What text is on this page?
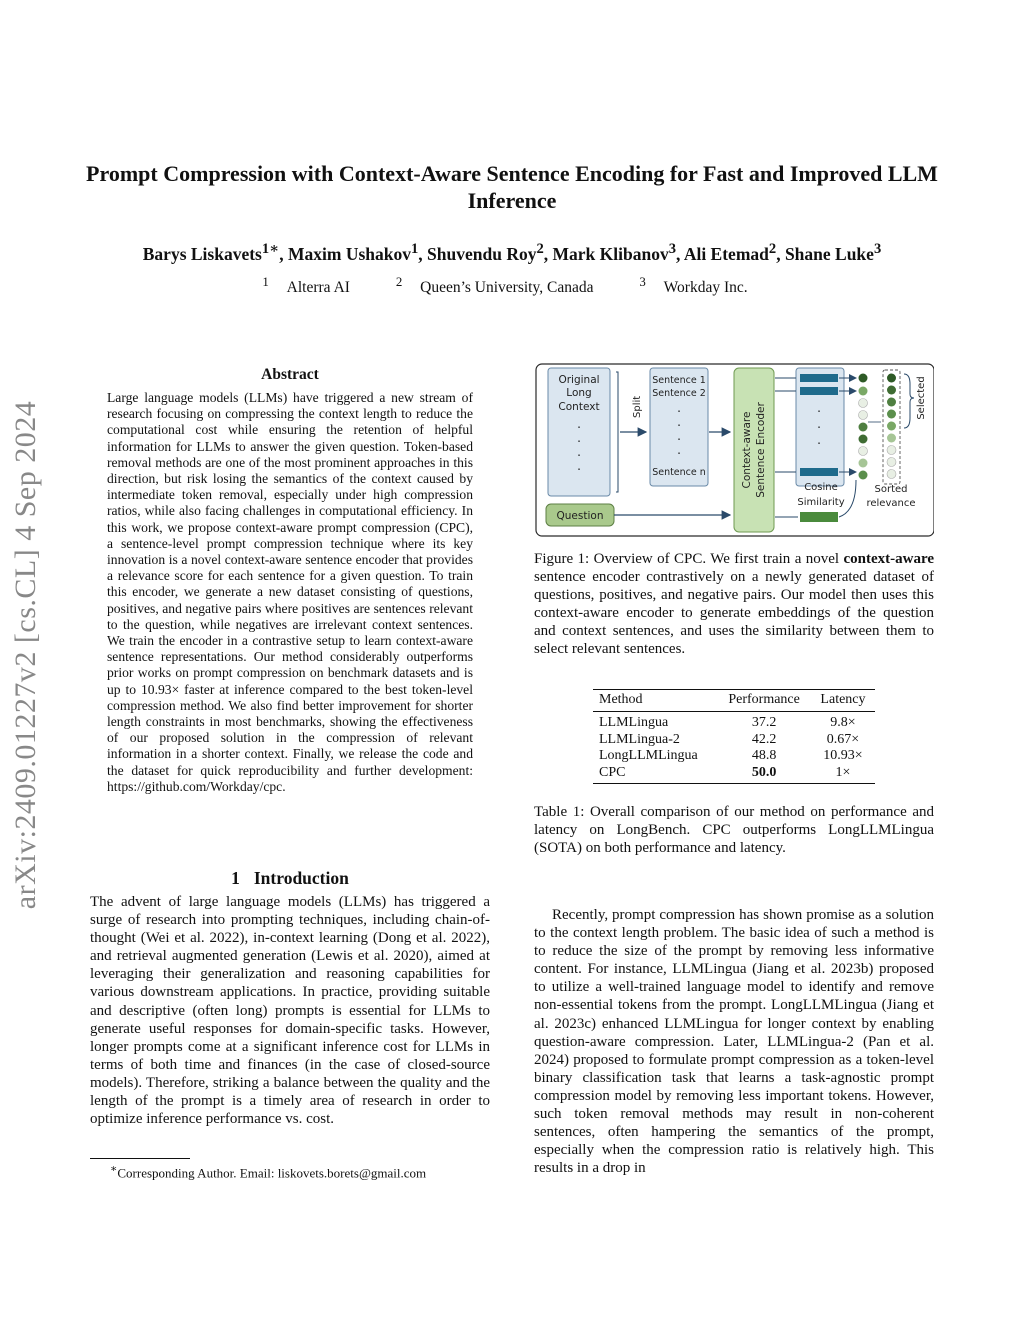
Prompt Compression with Context-Aware Sentence Encoding for Fast and Improved LLM Inference
Barys Liskavets$^{1∗}$, Maxim Ushakov$^1$, Shuvendu Roy$^2$, Mark Klibanov$^3$, Ali Etemad$^2$, Shane Luke$^3$
$^1$ Alterra AI	$^2$ Queen’s University, Canada	$^3$ Workday Inc.
arXiv:2409.01227v2 [cs.CL] 4 Sep 2024
Abstract
Large language models (LLMs) have triggered a new stream of research focusing on compressing the context length to reduce the computational cost while ensuring the retention of helpful information for LLMs to answer the given question. Token-based removal methods are one of the most prominent approaches in this direction, but risk losing the semantics of the context caused by intermediate token removal, especially under high compression ratios, while also facing challenges in computational efficiency. In this work, we propose context-aware prompt compression (CPC), a sentence-level prompt compression technique where its key innovation is a novel context-aware sentence encoder that provides a relevance score for each sentence for a given question. To train this encoder, we generate a new dataset consisting of questions, positives, and negative pairs where positives are sentences relevant to the question, while negatives are irrelevant context sentences. We train the encoder in a contrastive setup to learn context-aware sentence representations. Our method considerably outperforms prior works on prompt compression on benchmark datasets and is up to 10.93× faster at inference compared to the best token-level compression method. We also find better improvement for shorter length constraints in most benchmarks, showing the effectiveness of our proposed solution in the compression of relevant information in a shorter context. Finally, we release the code and the dataset for quick reproducibility and further development: https://github.com/Workday/cpc.
1 Introduction
The advent of large language models (LLMs) has triggered a surge of research into prompting techniques, including chain-of-thought (Wei et al. 2022), in-context learning (Dong et al. 2022), and retrieval augmented generation (Lewis et al. 2020), aimed at leveraging their generalization and reasoning capabilities for various downstream applications. In practice, providing suitable and descriptive (often long) prompts is essential for LLMs to generate useful responses for domain-specific tasks. However, longer prompts come at a significant inference cost for LLMs in terms of both time and finances (in the case of closed-source models). Therefore, striking a balance between the quality and the length of the prompt is a timely area of research in order to optimize inference performance vs. cost.
∗Corresponding Author. Email: liskovets.borets@gmail.com
Original
Long
Context
.
.
.
.
Question
Split
Sentence 1
Sentence 2
.
.
.
.
Sentence n	Context-aware Sentence Encoder	.
.
.
Cosine
Similarity
Selected
Sorted
relevance
Figure 1: Overview of CPC. We first train a novel context-aware sentence encoder contrastively on a newly generated dataset of questions, positives, and negative pairs. Our model then uses this context-aware encoder to generate embeddings of the question and context sentences, and uses the similarity between them to select relevant sentences.
Method	Performance	Latency
LLMLingua	37.2	9.8×
LLMLingua-2	42.2	0.67×
LongLLMLingua	48.8	10.93×
CPC	50.0	1×
Table 1: Overall comparison of our method on performance and latency on LongBench. CPC outperforms LongLLMLingua (SOTA) on both performance and latency.
Recently, prompt compression has shown promise as a solution to the context length problem. The basic idea of such a method is to reduce the size of the prompt by removing less informative content. For instance, LLMLingua (Jiang et al. 2023b) proposed to utilize a well-trained language model to identify and remove non-essential tokens from the prompt. LongLLMLingua (Jiang et al. 2023c) enhanced LLMLingua for longer context by enabling question-aware compression. Later, LLMLingua-2 (Pan et al. 2024) proposed to formulate prompt compression as a token-level binary classification task that learns a task-agnostic prompt compression model by removing less important tokens. However, such token removal methods may result in non-coherent sentences, often hampering the semantics of the prompt, especially when the compression ratio is relatively high. This results in a drop in
